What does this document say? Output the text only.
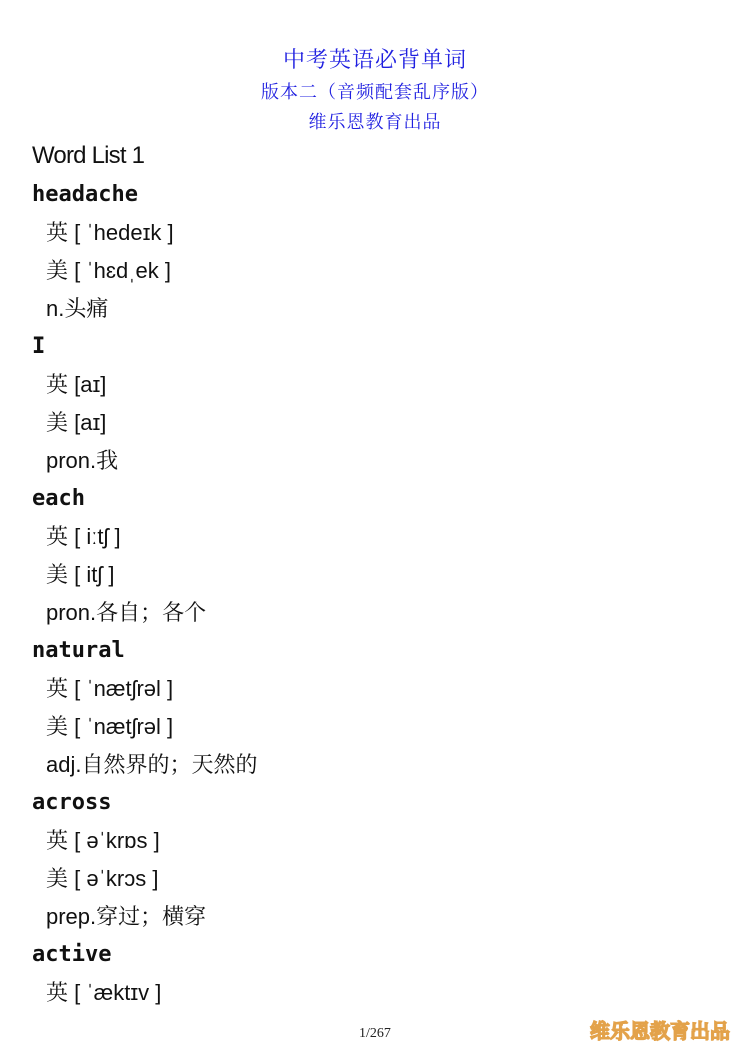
中考英语必背单词
版本二（音频配套乱序版）
维乐恩教育出品
Word List 1
headache
英 [ ˈhedeɪk ]
美 [ ˈhɛdˌek ]
n.头痛
I
英 [aɪ]
美 [aɪ]
pron.我
each
英 [ iːtʃ ]
美 [ itʃ ]
pron.各自；各个
natural
英 [ ˈnætʃrəl ]
美 [ ˈnætʃrəl ]
adj.自然界的；天然的
across
英 [ əˈkrɒs ]
美 [ əˈkrɔs ]
prep.穿过；横穿
active
英 [ ˈæktɪv ]
1/267	维乐恩教育出品
